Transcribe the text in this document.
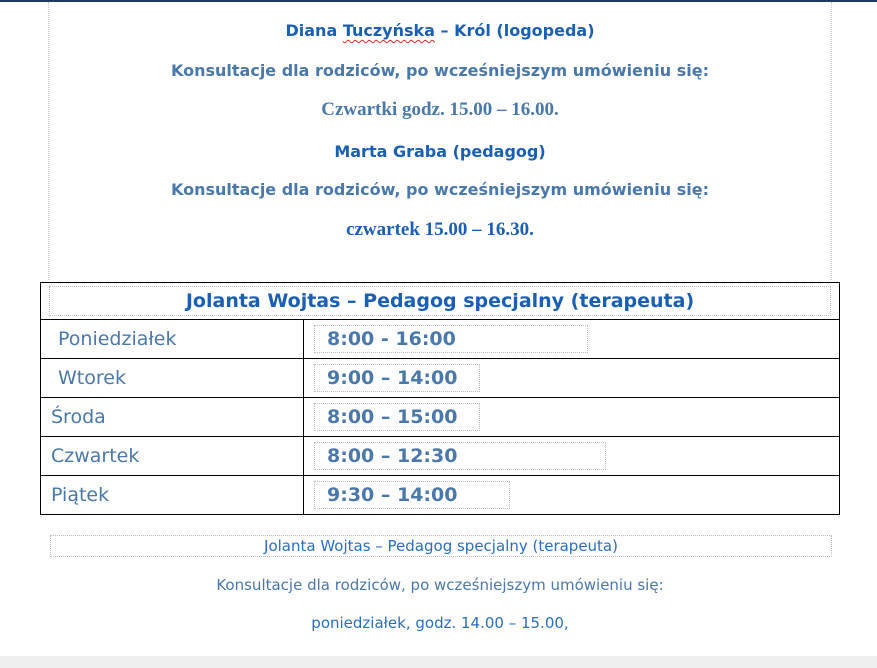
Diana Tuczyńska – Król (logopeda)
Konsultacje dla rodziców, po wcześniejszym umówieniu się:
Czwartki godz. 15.00 – 16.00.
Marta Graba (pedagog)
Konsultacje dla rodziców, po wcześniejszym umówieniu się:
czwartek 15.00 – 16.30.
Jolanta Wojtas – Pedagog specjalny (terapeuta)	

Poniedziałek	8:00 - 16:00
Wtorek	9:00 – 14:00
Środa	8:00 – 15:00
Czwartek	8:00 – 12:30
Piątek	9:30 – 14:00
Jolanta Wojtas – Pedagog specjalny (terapeuta)
Konsultacje dla rodziców, po wcześniejszym umówieniu się:
poniedziałek, godz. 14.00 – 15.00,
